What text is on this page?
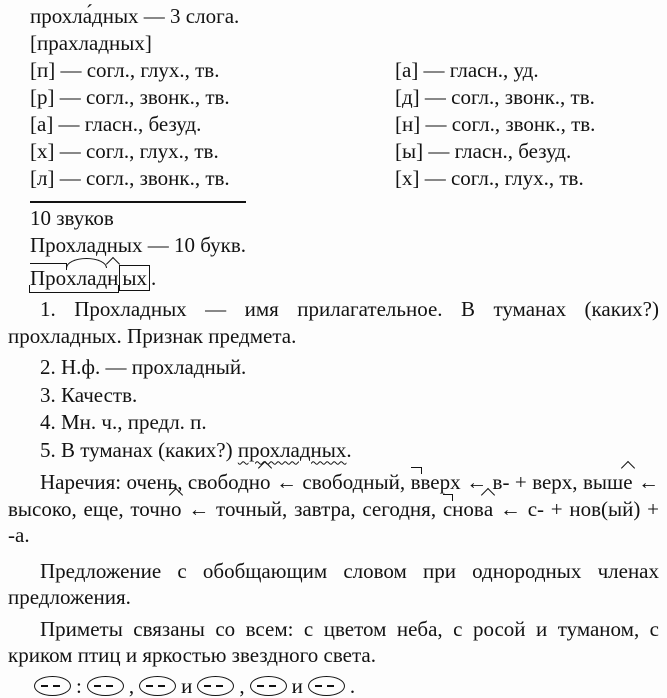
прохла́дных — 3 слога.
[прахладных]
[п] — согл., глух., тв.	[а] — гласн., уд.
[р] — согл., звонк., тв.	[д] — согл., звонк., тв.
[а] — гласн., безуд.	[н] — согл., звонк., тв.
[х] — согл., глух., тв.	[ы] — гласн., безуд.
[л] — согл., звонк., тв.	[х] — согл., глух., тв.
10 звуков
Прохладных — 10 букв.
Прохладн ых .

1. Прохладных — имя прилагательное. В туманах (каких?) прохладных. Признак предмета.

2. Н.ф. — прохладный.

3. Качеств.

4. Мн. ч., предл. п.

5. В туманах (каких?) прохладных.

Наречия: очень, свободно ← свободный, вверх ← в- + верх, выше ← высоко, еще, точно ← точный, завтра, сегодня, снова ← с- + нов(ый) + -а.

Предложение с обобщающим словом при однородных членах предложения.

Приметы связаны со всем: с цветом неба, с росой и туманом, с криком птиц и яркостью звездного света.

: , и , и .
